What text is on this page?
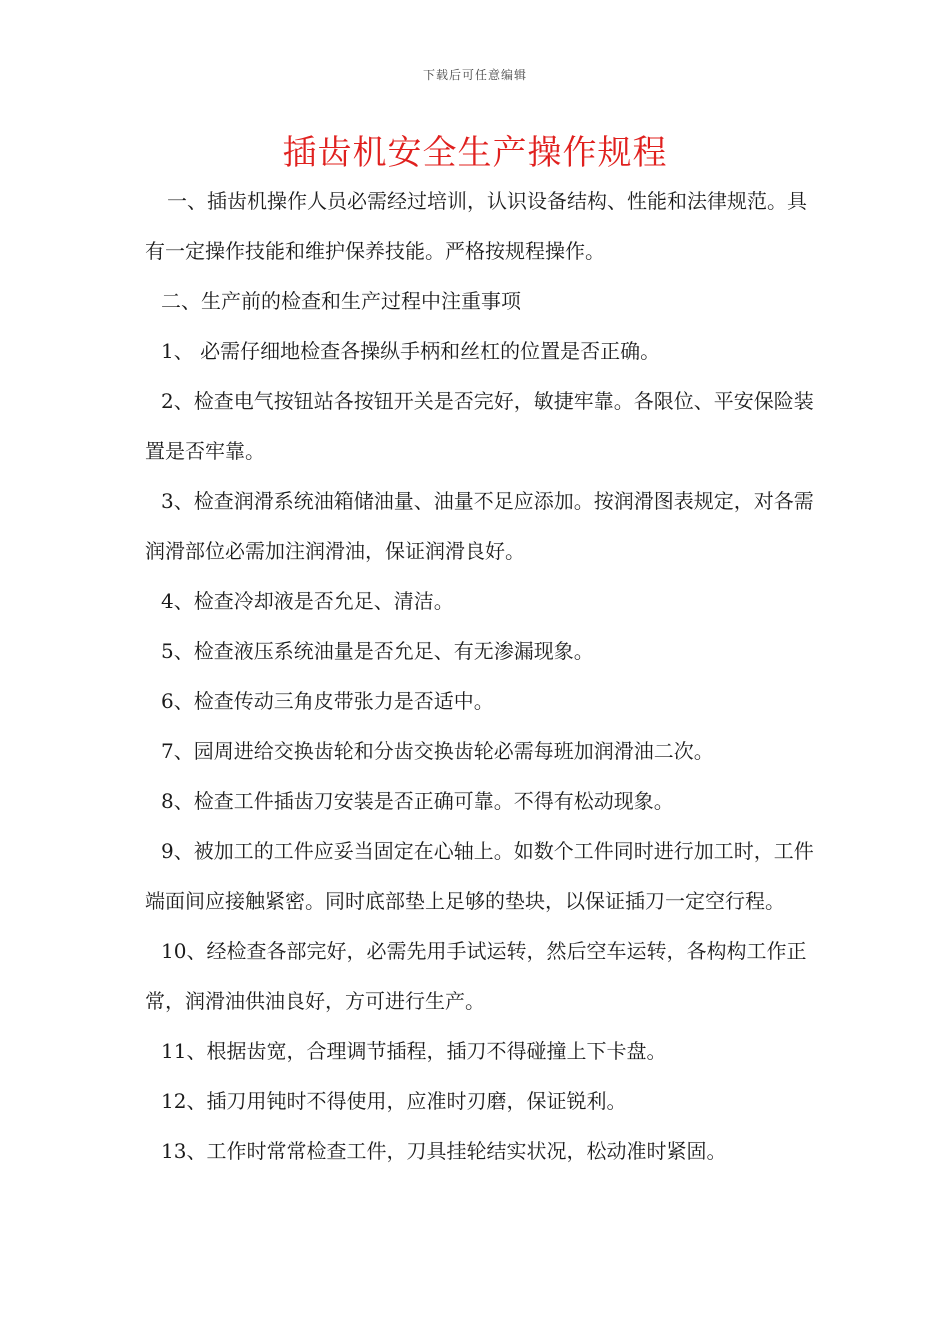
下载后可任意编辑
插齿机安全生产操作规程

一、插齿机操作人员必需经过培训，认识设备结构、性能和法律规范。具有一定操作技能和维护保养技能。严格按规程操作。

二、生产前的检查和生产过程中注重事项

1、 必需仔细地检查各操纵手柄和丝杠的位置是否正确。

2、检查电气按钮站各按钮开关是否完好，敏捷牢靠。各限位、平安保险装置是否牢靠。

3、检查润滑系统油箱储油量、油量不足应添加。按润滑图表规定，对各需润滑部位必需加注润滑油，保证润滑良好。

4、检查冷却液是否允足、清洁。

5、检查液压系统油量是否允足、有无渗漏现象。

6、检查传动三角皮带张力是否适中。

7、园周进给交换齿轮和分齿交换齿轮必需每班加润滑油二次。

8、检查工件插齿刀安装是否正确可靠。不得有松动现象。

9、被加工的工件应妥当固定在心轴上。如数个工件同时进行加工时，工件端面间应接触紧密。同时底部垫上足够的垫块，以保证插刀一定空行程。

10、经检查各部完好，必需先用手试运转，然后空车运转，各构构工作正常，润滑油供油良好，方可进行生产。

11、根据齿宽，合理调节插程，插刀不得碰撞上下卡盘。

12、插刀用钝时不得使用，应准时刃磨，保证锐利。

13、工作时常常检查工件，刀具挂轮结实状况，松动准时紧固。
